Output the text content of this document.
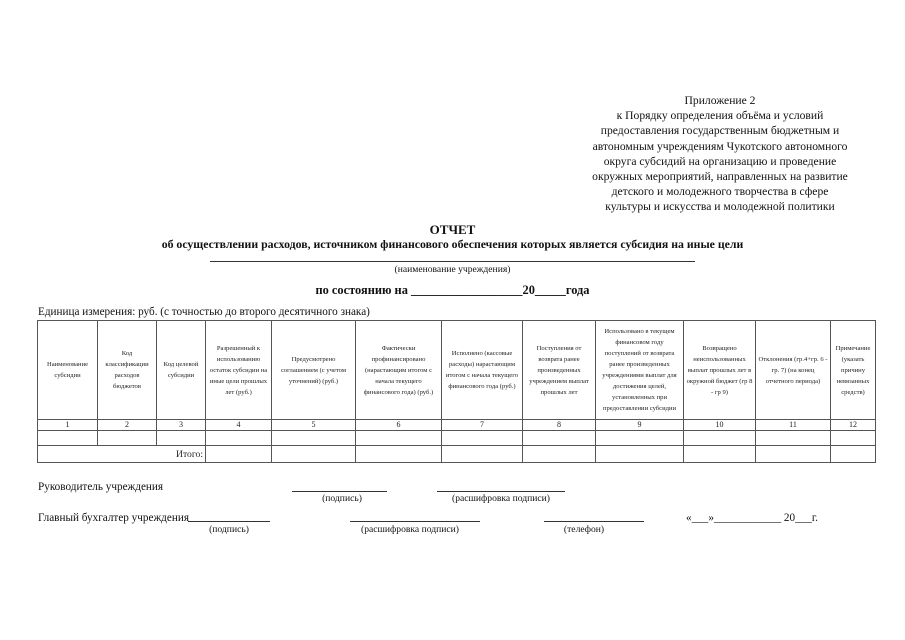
Приложение 2
к Порядку определения объёма и условий
предоставления государственным бюджетным и
автономным учреждениям Чукотского автономного
округа субсидий на организацию и проведение
окружных мероприятий, направленных на развитие
детского и молодежного творчества в сфере
культуры и искусства и молодежной политики
ОТЧЕТ
об осуществлении расходов, источником финансового обеспечения которых является субсидия на иные цели
(наименование учреждения)
по состоянию на __________________20_____года
Единица измерения: руб. (с точностью до второго десятичного знака)
Наименование субсидии	Код классификации расходов бюджетов	Код целевой субсидии	Разрешенный к использованию остаток субсидии на иные цели прошлых лет (руб.)	Предусмотрено соглашением (с учетом уточнений) (руб.)	Фактически профинансировано (нарастающим итогом с начала текущего финансового года) (руб.)	Исполнено (кассовые расходы) нарастающим итогом с начала текущего финансового года (руб.)	Поступления от возврата ранее произведенных учреждением выплат прошлых лет	Использовано в текущем финансовом году поступлений от возврата ранее произведенных учреждениями выплат для достижения целей, установленных при предоставлении субсидии	Возвращено неиспользованных выплат прошлых лет в окружной бюджет (гр 8 - гр 9)	Отклонения (гр.4+гр. 6 - гр. 7) (на конец отчетного периода)	Примечание (указать причину невязанных средств)
1	2	3	4	5	6	7	8	9	10	11	12

Итого:											
Руководитель учреждения
(подпись)	(расшифровка подписи)
Главный бухгалтер учреждения
(подпись)	(расшифровка подписи)	(телефон)
«___»____________ 20___г.
